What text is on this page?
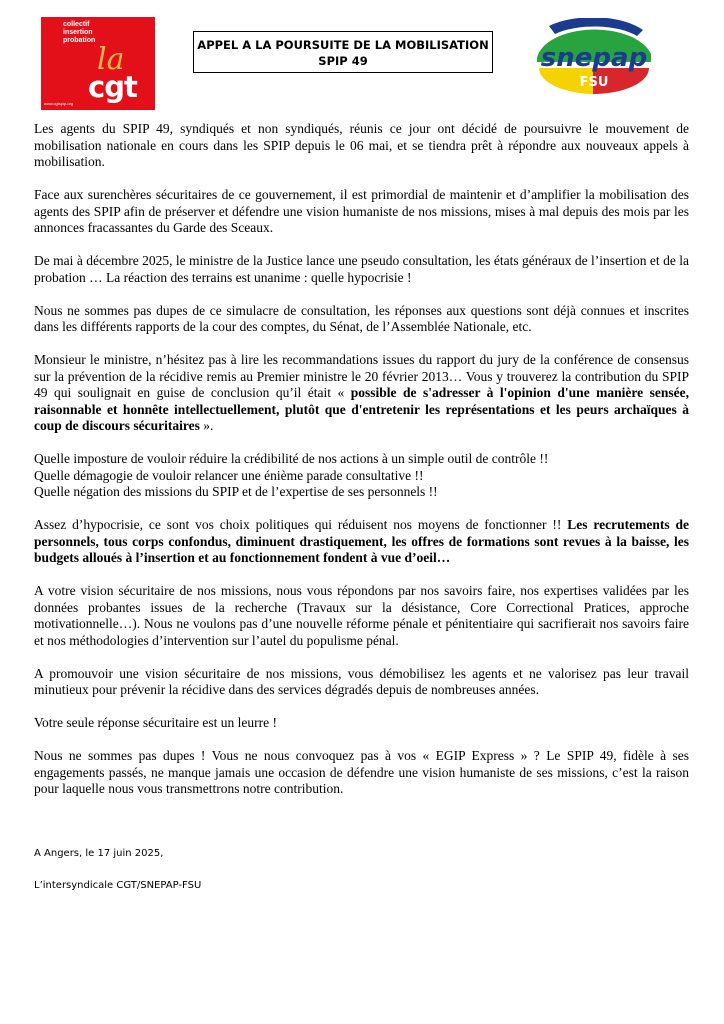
collectif
insertion
probation
la
cgt
www.cgtspip.org
APPEL A LA POURSUITE DE LA MOBILISATION
SPIP 49	snepap
FSU

Les agents du SPIP 49, syndiqués et non syndiqués, réunis ce jour ont décidé de poursuivre le mouvement de mobilisation nationale en cours dans les SPIP depuis le 06 mai, et se tiendra prêt à répondre aux nouveaux appels à mobilisation.

Face aux surenchères sécuritaires de ce gouvernement, il est primordial de maintenir et d’amplifier la mobilisation des agents des SPIP afin de préserver et défendre une vision humaniste de nos missions, mises à mal depuis des mois par les annonces fracassantes du Garde des Sceaux.

De mai à décembre 2025, le ministre de la Justice lance une pseudo consultation, les états généraux de l’insertion et de la probation … La réaction des terrains est unanime : quelle hypocrisie !

Nous ne sommes pas dupes de ce simulacre de consultation, les réponses aux questions sont déjà connues et inscrites dans les différents rapports de la cour des comptes, du Sénat, de l’Assemblée Nationale, etc.

Monsieur le ministre, n’hésitez pas à lire les recommandations issues du rapport du jury de la conférence de consensus sur la prévention de la récidive remis au Premier ministre le 20 février 2013… Vous y trouverez la contribution du SPIP 49 qui soulignait en guise de conclusion qu’il était « possible de s'adresser à l'opinion d'une manière sensée, raisonnable et honnête intellectuellement, plutôt que d'entretenir les représentations et les peurs archaïques à coup de discours sécuritaires ».

Quelle imposture de vouloir réduire la crédibilité de nos actions à un simple outil de contrôle !!

Quelle démagogie de vouloir relancer une énième parade consultative !!

Quelle négation des missions du SPIP et de l’expertise de ses personnels !!

Assez d’hypocrisie, ce sont vos choix politiques qui réduisent nos moyens de fonctionner !! Les recrutements de personnels, tous corps confondus, diminuent drastiquement, les offres de formations sont revues à la baisse, les budgets alloués à l’insertion et au fonctionnement fondent à vue d’oeil…

A votre vision sécuritaire de nos missions, nous vous répondons par nos savoirs faire, nos expertises validées par les données probantes issues de la recherche (Travaux sur la désistance, Core Correctional Pratices, approche motivationnelle…). Nous ne voulons pas d’une nouvelle réforme pénale et pénitentiaire qui sacrifierait nos savoirs faire et nos méthodologies d’intervention sur l’autel du populisme pénal.

A promouvoir une vision sécuritaire de nos missions, vous démobilisez les agents et ne valorisez pas leur travail minutieux pour prévenir la récidive dans des services dégradés depuis de nombreuses années.

Votre seule réponse sécuritaire est un leurre !

Nous ne sommes pas dupes ! Vous ne nous convoquez pas à vos « EGIP Express » ? Le SPIP 49, fidèle à ses engagements passés, ne manque jamais une occasion de défendre une vision humaniste de ses missions, c’est la raison pour laquelle nous vous transmettrons notre contribution.

A Angers, le 17 juin 2025,
L’intersyndicale CGT/SNEPAP-FSU
